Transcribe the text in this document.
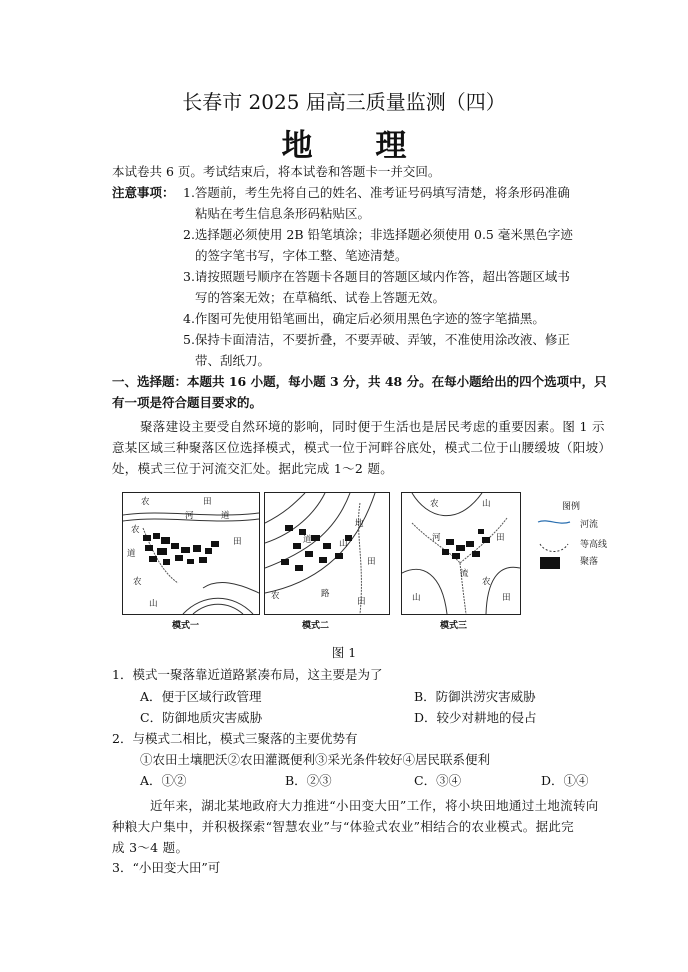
长春市 2025 届高三质量监测（四）
地 理
本试卷共 6 页。考试结束后，将本试卷和答题卡一并交回。
注意事项： 1.答题前，考生先将自己的姓名、准考证号码填写清楚，将条形码准确
粘贴在考生信息条形码粘贴区。
2.选择题必须使用 2B 铅笔填涂；非选择题必须使用 0.5 毫米黑色字迹
的签字笔书写，字体工整、笔迹清楚。
3.请按照题号顺序在答题卡各题目的答题区域内作答，超出答题区域书
写的答案无效；在草稿纸、试卷上答题无效。
4.作图可先使用铅笔画出，确定后必须用黑色字迹的签字笔描黑。
5.保持卡面清洁，不要折叠，不要弄破、弄皱，不准使用涂改液、修正
带、刮纸刀。
一、选择题：本题共 16 小题，每小题 3 分，共 48 分。在每小题给出的四个选项中，只
有一项是符合题目要求的。
聚落建设主要受自然环境的影响，同时便于生活也是居民考虑的重要因素。图 1 示
意某区域三种聚落区位选择模式，模式一位于河畔谷底处，模式二位于山腰缓坡（阳坡）
处，模式三位于河流交汇处。据此完成 1～2 题。
农	田
河	道
农
道
田
农
山
模式一
地
道	山
田
农	路
田
模式二
农	山
河	田
流
农
山	田
模式三
图例
河流
等高线
聚落
图 1
1．模式一聚落靠近道路紧凑布局，这主要是为了
A．便于区域行政管理	B．防御洪涝灾害威胁
C．防御地质灾害威胁	D．较少对耕地的侵占
2．与模式二相比，模式三聚落的主要优势有
①农田土壤肥沃②农田灌溉便利③采光条件较好④居民联系便利
A．①②	B．②③	C．③④	D．①④
近年来，湖北某地政府大力推进“小田变大田”工作，将小块田地通过土地流转向
种粮大户集中，并积极探索“智慧农业”与“体验式农业”相结合的农业模式。据此完
成 3～4 题。
3．“小田变大田”可
